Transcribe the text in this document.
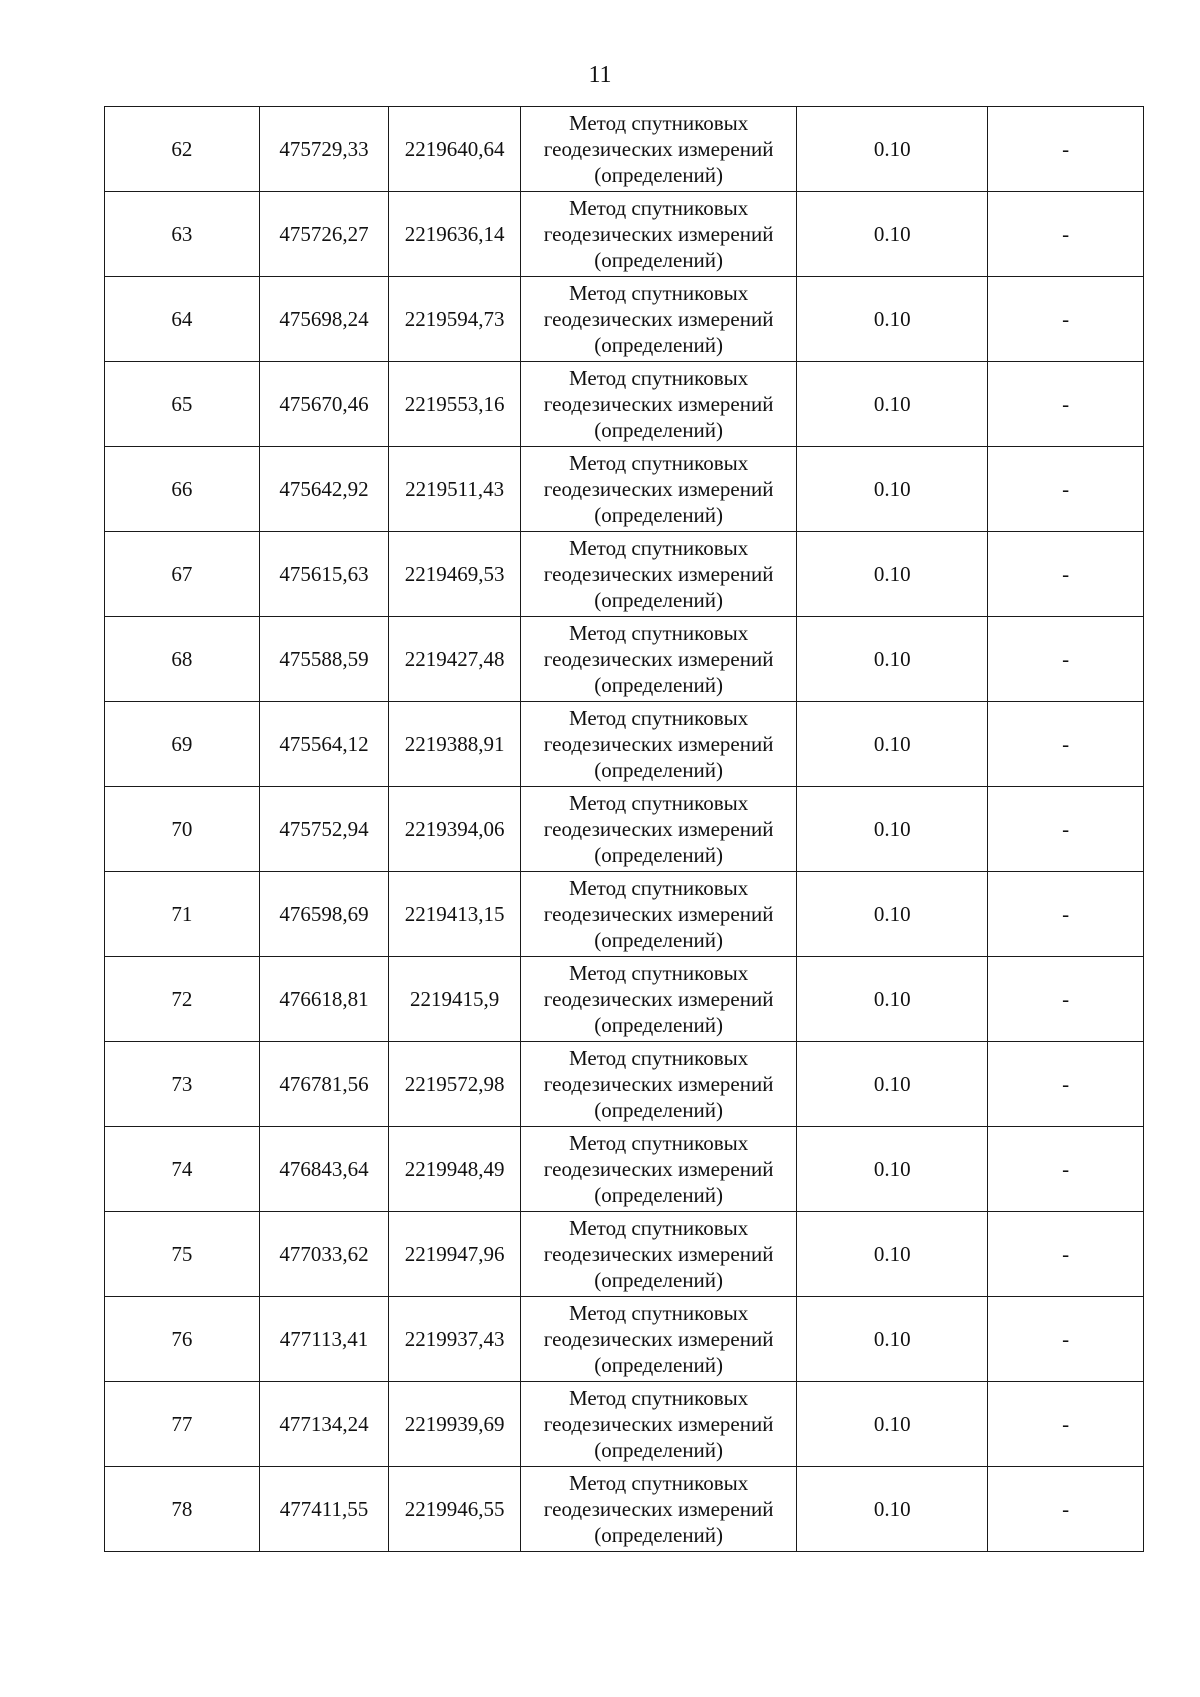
11
62	475729,33	2219640,64	Метод спутниковых
геодезических измерений
(определений)	0.10	-
63	475726,27	2219636,14	Метод спутниковых
геодезических измерений
(определений)	0.10	-
64	475698,24	2219594,73	Метод спутниковых
геодезических измерений
(определений)	0.10	-
65	475670,46	2219553,16	Метод спутниковых
геодезических измерений
(определений)	0.10	-
66	475642,92	2219511,43	Метод спутниковых
геодезических измерений
(определений)	0.10	-
67	475615,63	2219469,53	Метод спутниковых
геодезических измерений
(определений)	0.10	-
68	475588,59	2219427,48	Метод спутниковых
геодезических измерений
(определений)	0.10	-
69	475564,12	2219388,91	Метод спутниковых
геодезических измерений
(определений)	0.10	-
70	475752,94	2219394,06	Метод спутниковых
геодезических измерений
(определений)	0.10	-
71	476598,69	2219413,15	Метод спутниковых
геодезических измерений
(определений)	0.10	-
72	476618,81	2219415,9	Метод спутниковых
геодезических измерений
(определений)	0.10	-
73	476781,56	2219572,98	Метод спутниковых
геодезических измерений
(определений)	0.10	-
74	476843,64	2219948,49	Метод спутниковых
геодезических измерений
(определений)	0.10	-
75	477033,62	2219947,96	Метод спутниковых
геодезических измерений
(определений)	0.10	-
76	477113,41	2219937,43	Метод спутниковых
геодезических измерений
(определений)	0.10	-
77	477134,24	2219939,69	Метод спутниковых
геодезических измерений
(определений)	0.10	-
78	477411,55	2219946,55	Метод спутниковых
геодезических измерений
(определений)	0.10	-
